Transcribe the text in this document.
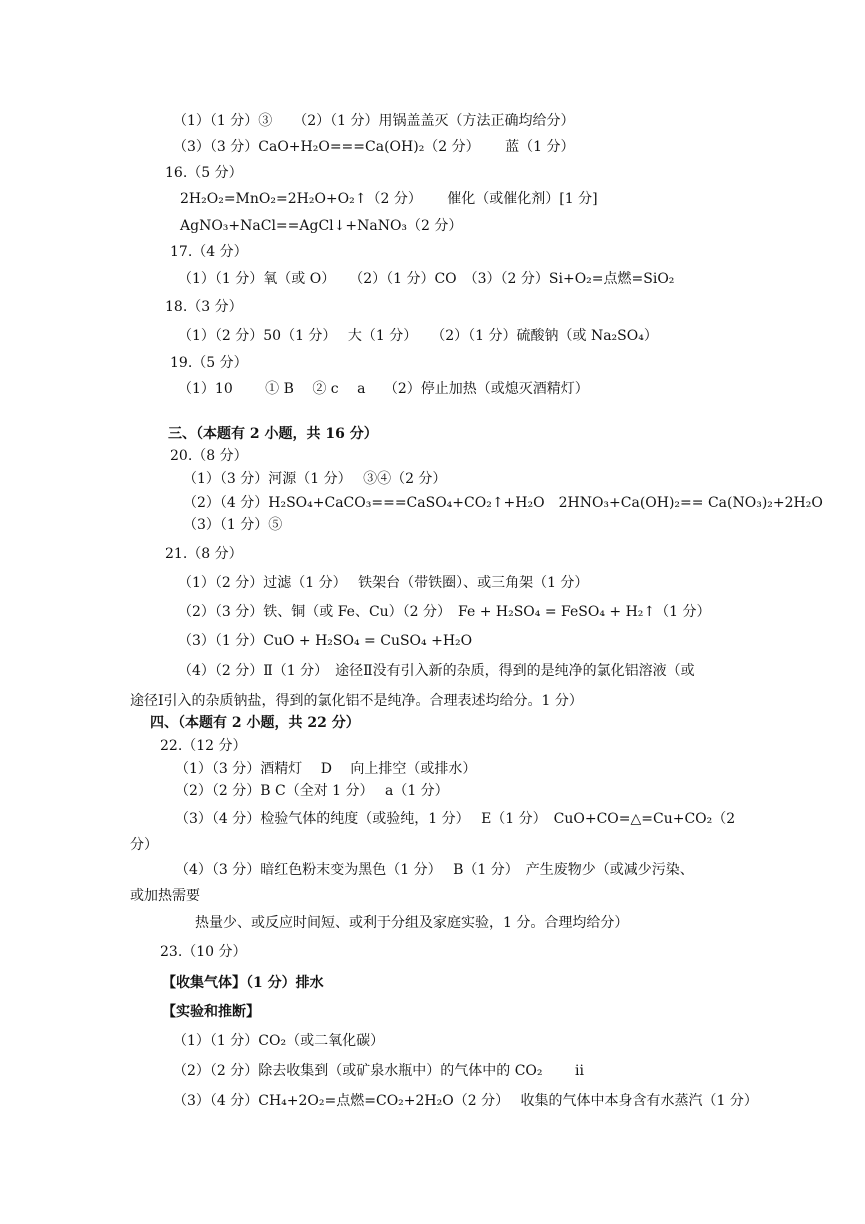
（1）（1 分）③　　（2）（1 分）用锅盖盖灭（方法正确均给分）
（3）（3 分）CaO+H₂O===Ca(OH)₂（2 分）　　 蓝（1 分）
16.（5 分）
2H₂O₂=MnO₂=2H₂O+O₂↑（2 分）　　 催化（或催化剂）[1 分]
AgNO₃+NaCl==AgCl↓+NaNO₃（2 分）
17.（4 分）
（1）（1 分）氧（或 O）　　（2）（1 分）CO　（3）（2 分）Si+O₂=点燃=SiO₂
18.（3 分）
（1）（2 分）50（1 分）　 大（1 分）　　（2）（1 分）硫酸钠（或 Na₂SO₄）
19.（5 分）
（1）10　　 ① B　 ② c　 a　 （2）停止加热（或熄灭酒精灯）
三、（本题有 2 小题，共 16 分）
20.（8 分）
（1）（3 分）河源（1 分）　 ③④（2 分）
（2）（4 分）H₂SO₄+CaCO₃===CaSO₄+CO₂↑+H₂O　2HNO₃+Ca(OH)₂== Ca(NO₃)₂+2H₂O
（3）（1 分）⑤
21.（8 分）
（1）（2 分）过滤（1 分）　 铁架台（带铁圈）、或三角架（1 分）
（2）（3 分）铁、铜（或 Fe、Cu）（2 分）　Fe + H₂SO₄ = FeSO₄ + H₂↑（1 分）
（3）（1 分）CuO + H₂SO₄ = CuSO₄ +H₂O
（4）（2 分）Ⅱ（1 分）　途径Ⅱ没有引入新的杂质，得到的是纯净的氯化铝溶液（或
途径Ⅰ引入的杂质钠盐，得到的氯化铝不是纯净。合理表述均给分。1 分）
四、（本题有 2 小题，共 22 分）
22.（12 分）
（1）（3 分）酒精灯　 D　 向上排空（或排水）
（2）（2 分）B C（全对 1 分）　 a（1 分）
（3）（4 分）检验气体的纯度（或验纯，1 分）　 E（1 分）　CuO+CO=△=Cu+CO₂（2
分）
（4）（3 分）暗红色粉末变为黑色（1 分）　 B（1 分）　产生废物少（或减少污染、
或加热需要
热量少、或反应时间短、或利于分组及家庭实验，1 分。合理均给分）
23.（10 分）
【收集气体】（1 分）排水
【实验和推断】
（1）（1 分）CO₂（或二氧化碳）
（2）（2 分）除去收集到（或矿泉水瓶中）的气体中的 CO₂　　 ii
（3）（4 分）CH₄+2O₂=点燃=CO₂+2H₂O（2 分）　 收集的气体中本身含有水蒸汽（1 分）
